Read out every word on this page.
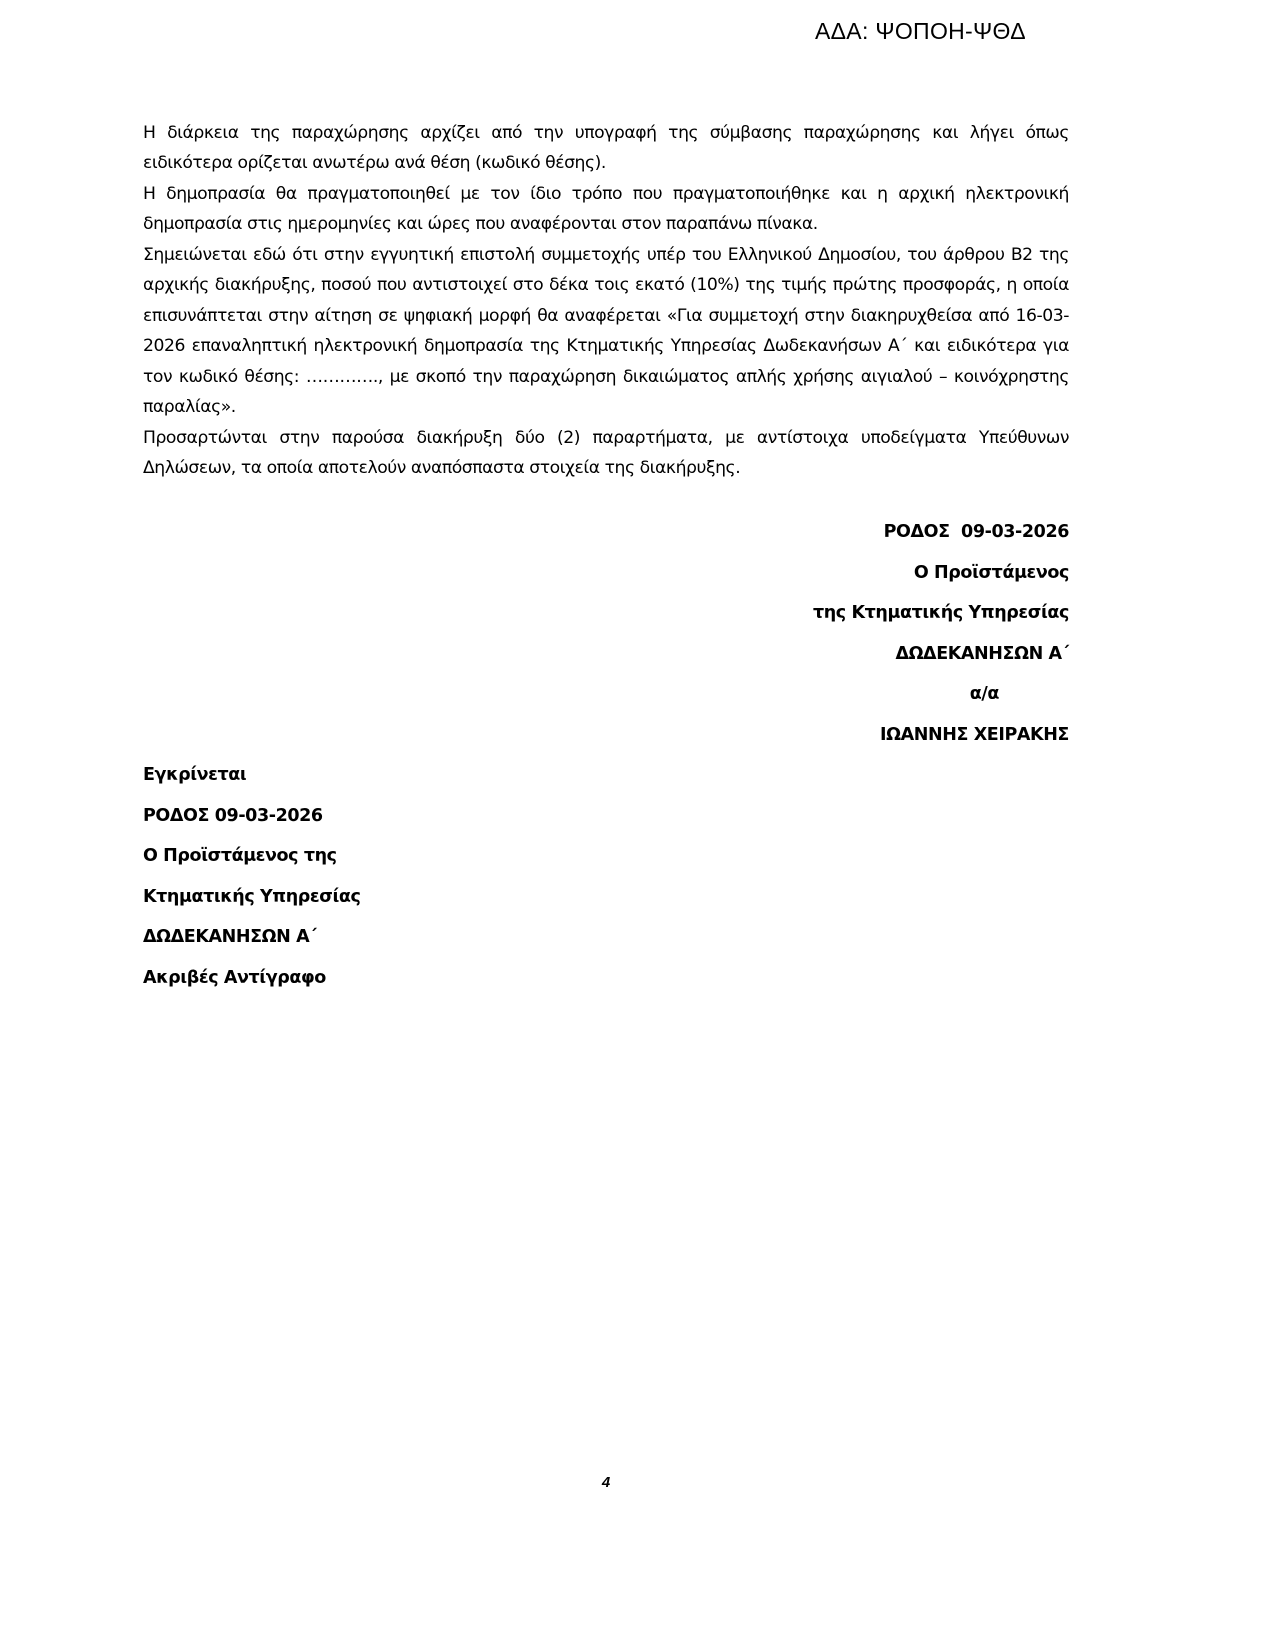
ΑΔΑ: ΨΟΠΟΗ-ΨΘΔ

Η διάρκεια της παραχώρησης αρχίζει από την υπογραφή της σύμβασης παραχώρησης και λήγει όπως ειδικότερα ορίζεται ανωτέρω ανά θέση (κωδικό θέσης).

Η δημοπρασία θα πραγματοποιηθεί με τον ίδιο τρόπο που πραγματοποιήθηκε και η αρχική ηλεκτρονική δημοπρασία στις ημερομηνίες και ώρες που αναφέρονται στον παραπάνω πίνακα.

Σημειώνεται εδώ ότι στην εγγυητική επιστολή συμμετοχής υπέρ του Ελληνικού Δημοσίου, του άρθρου Β2 της αρχικής διακήρυξης, ποσού που αντιστοιχεί στο δέκα τοις εκατό (10%) της τιμής πρώτης προσφοράς, η οποία επισυνάπτεται στην αίτηση σε ψηφιακή μορφή θα αναφέρεται «Για συμμετοχή στην διακηρυχθείσα από 16-03-2026 επαναληπτική ηλεκτρονική δημοπρασία της Κτηματικής Υπηρεσίας Δωδεκανήσων Α΄ και ειδικότερα για τον κωδικό θέσης: …………., με σκοπό την παραχώρηση δικαιώματος απλής χρήσης αιγιαλού – κοινόχρηστης παραλίας».

Προσαρτώνται στην παρούσα διακήρυξη δύο (2) παραρτήματα, με αντίστοιχα υποδείγματα Υπεύθυνων Δηλώσεων, τα οποία αποτελούν αναπόσπαστα στοιχεία της διακήρυξης.

ΡΟΔΟΣ  09-03-2026
Ο Προϊστάμενος
της Κτηματικής Υπηρεσίας
ΔΩΔΕΚΑΝΗΣΩΝ Α΄
α/α
ΙΩΑΝΝΗΣ ΧΕΙΡΑΚΗΣ
Εγκρίνεται
ΡΟΔΟΣ 09-03-2026
Ο Προϊστάμενος της
Κτηματικής Υπηρεσίας
ΔΩΔΕΚΑΝΗΣΩΝ Α΄
Ακριβές Αντίγραφο
4
